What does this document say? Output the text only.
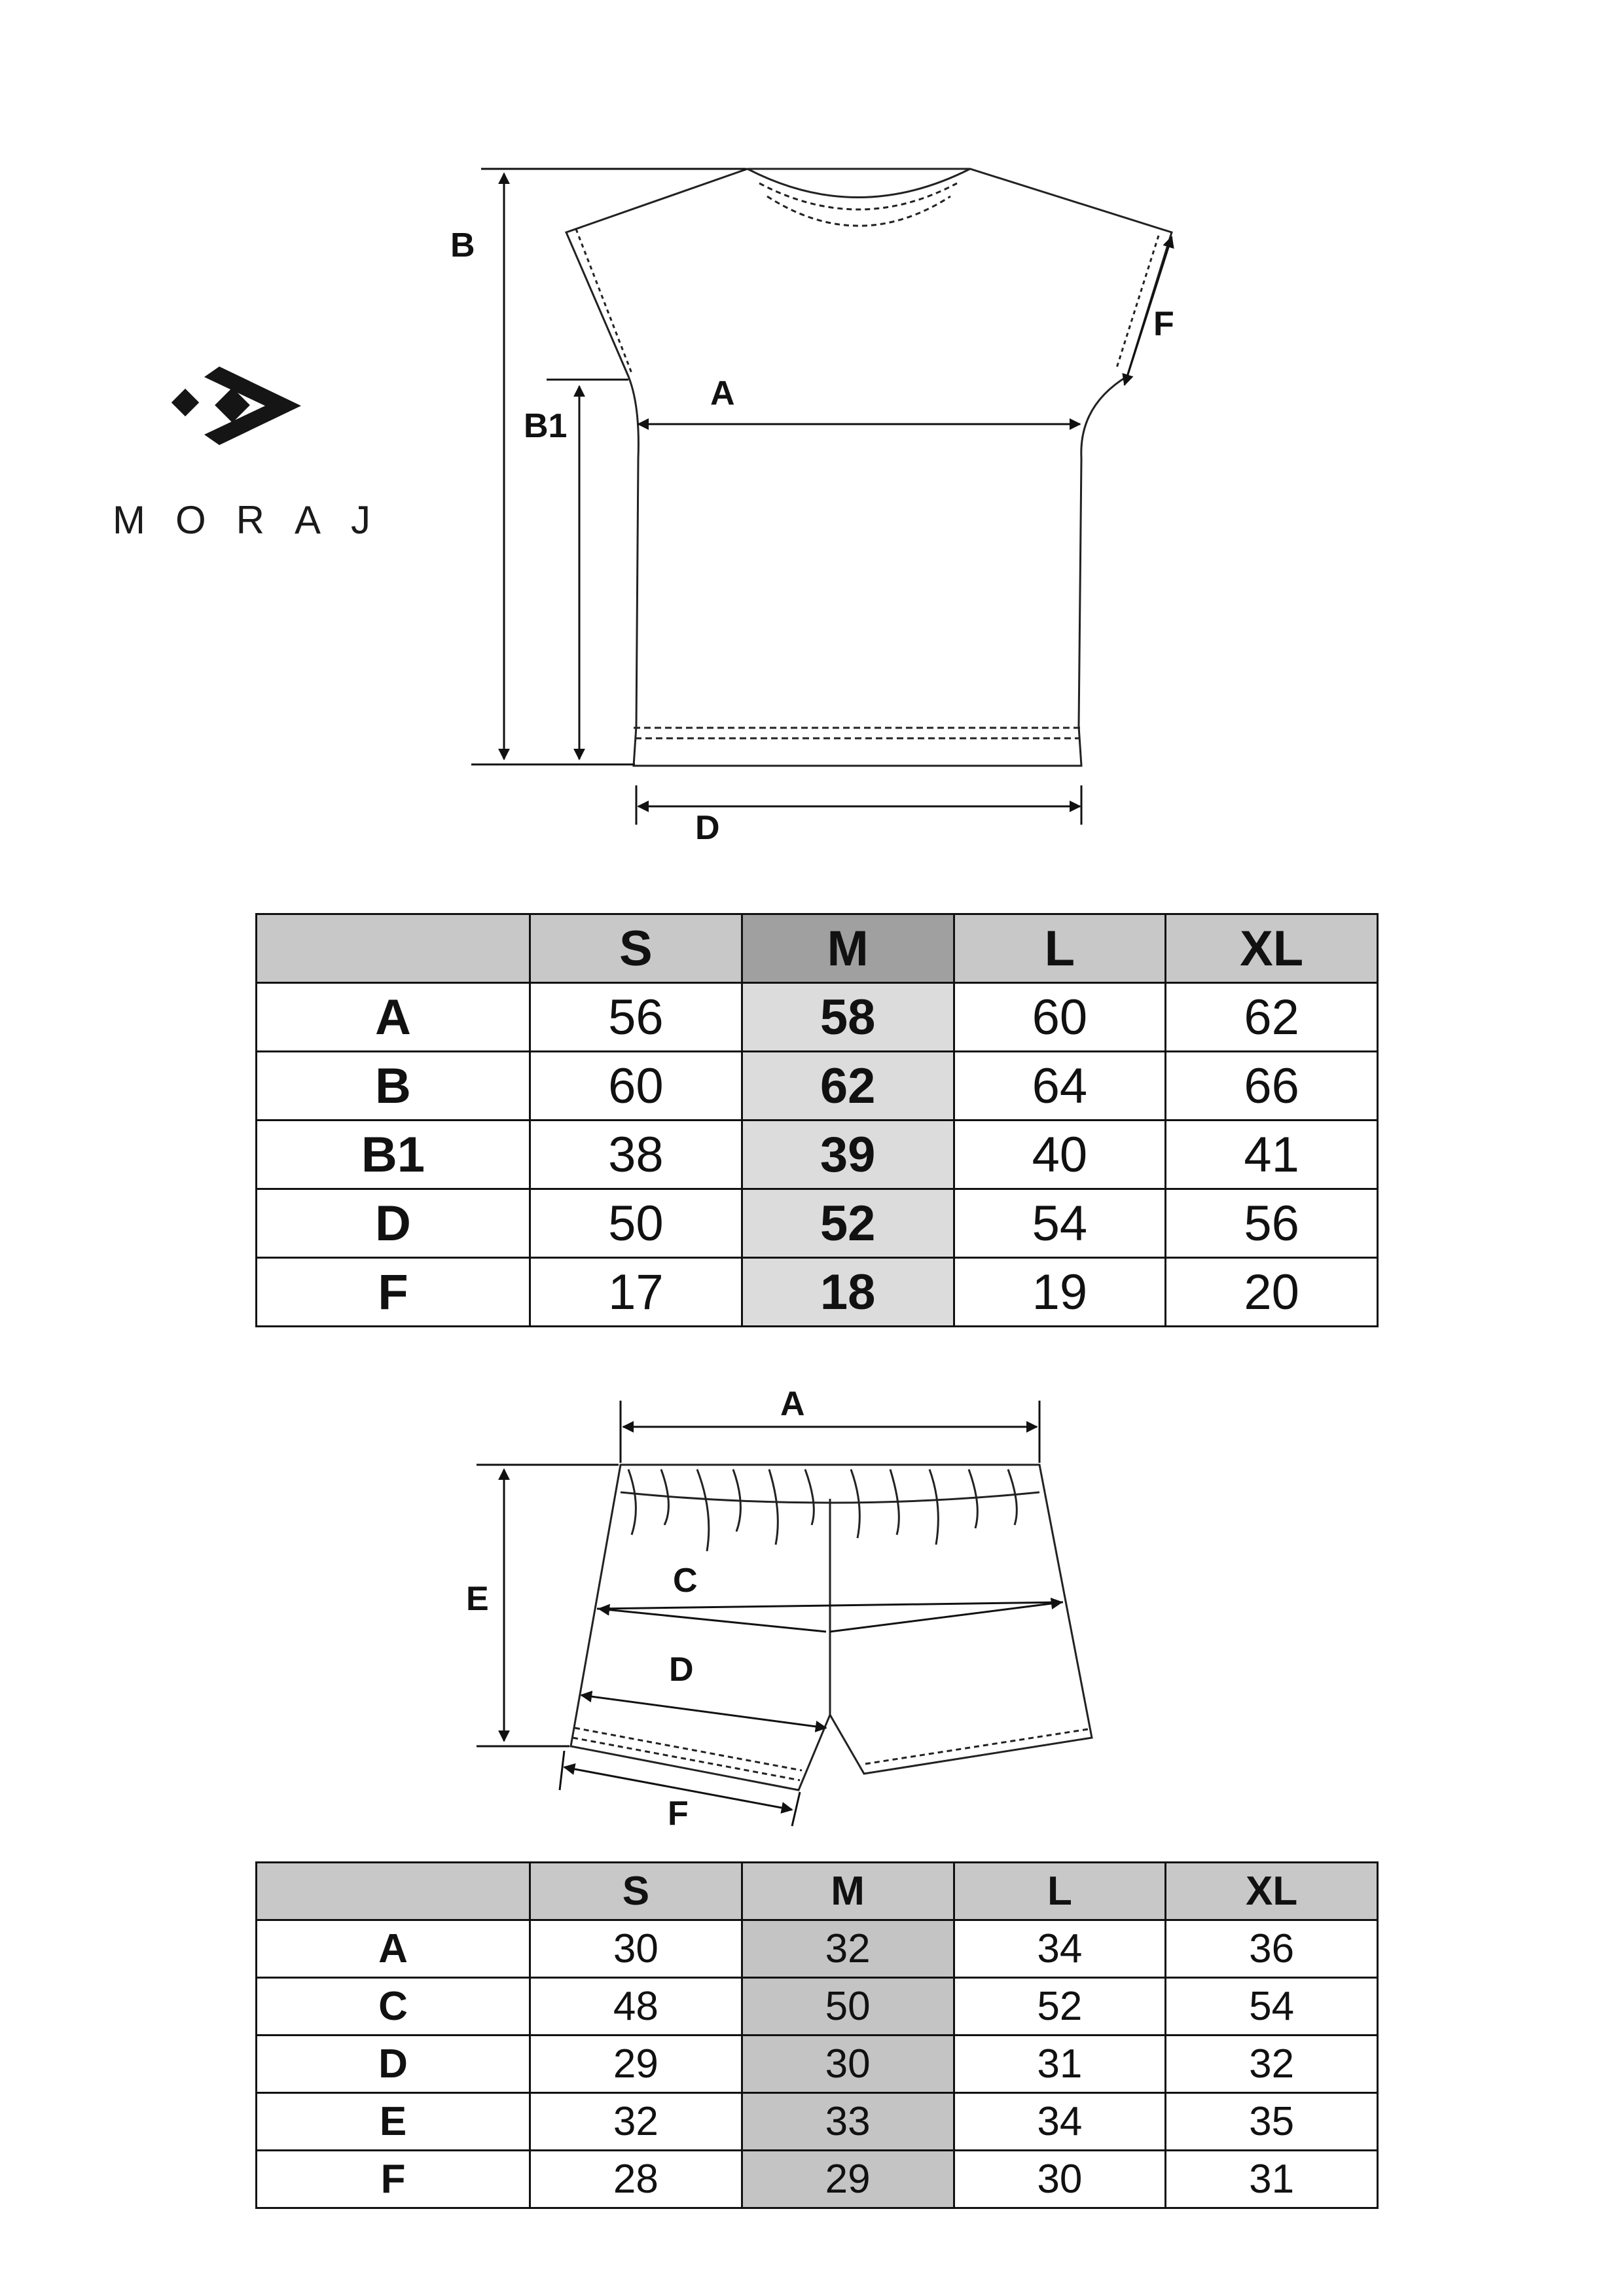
MORAJ
B
B1
A
F
D
	S	M	L	XL
A	56	58	60	62
B	60	62	64	66
B1	38	39	40	41
D	50	52	54	56
F	17	18	19	20
A
E	C
D
F
	S	M	L	XL
A	30	32	34	36
C	48	50	52	54
D	29	30	31	32
E	32	33	34	35
F	28	29	30	31
